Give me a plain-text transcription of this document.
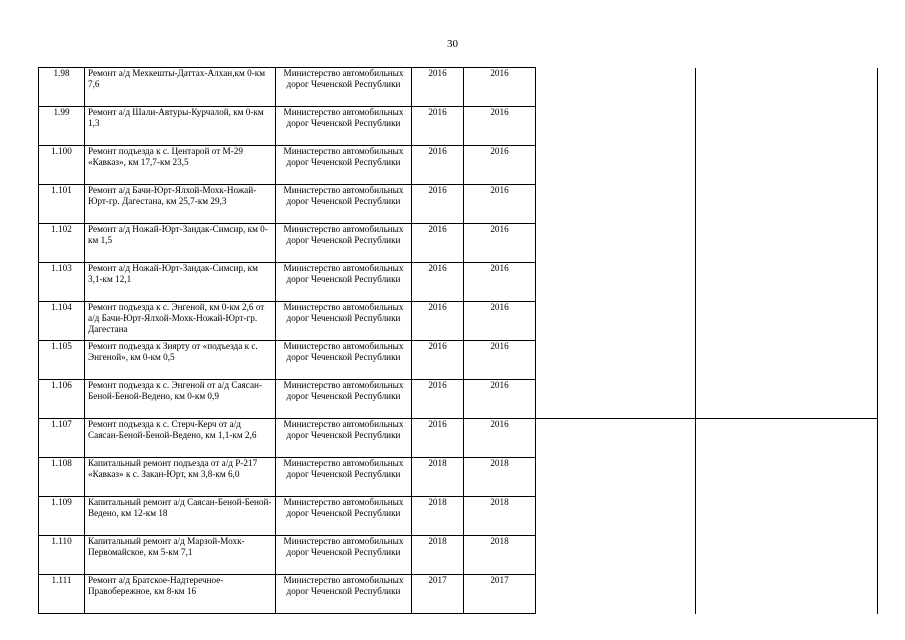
30
1.98	Ремонт а/д Мехкешты-Даттах-Алхан,км 0-км 7,6	Министерство автомобильных дорог Чеченской Республики	2016	2016		
1.99	Ремонт а/д Шали-Автуры-Курчалой, км 0-км 1,3	Министерство автомобильных дорог Чеченской Республики	2016	2016		
1.100	Ремонт подъезда к с. Центарой от М-29 «Кавказ», км 17,7-км 23,5	Министерство автомобильных дорог Чеченской Республики	2016	2016		
1.101	Ремонт а/д Бачи-Юрт-Ялхой-Мохк-Ножай-Юрт-гр. Дагестана, км 25,7-км 29,3	Министерство автомобильных дорог Чеченской Республики	2016	2016		
1.102	Ремонт а/д Ножай-Юрт-Зандак-Симсир, км 0-км 1,5	Министерство автомобильных дорог Чеченской Республики	2016	2016		
1.103	Ремонт а/д Ножай-Юрт-Зандак-Симсир, км 3,1-км 12,1	Министерство автомобильных дорог Чеченской Республики	2016	2016		
1.104	Ремонт подъезда к с. Энгеной, км 0-км 2,6 от а/д Бачи-Юрт-Ялхой-Мохк-Ножай-Юрт-гр. Дагестана	Министерство автомобильных дорог Чеченской Республики	2016	2016		
1.105	Ремонт подъезда к Зиярту от «подъезда к с. Энгеной», км 0-км 0,5	Министерство автомобильных дорог Чеченской Республики	2016	2016		
1.106	Ремонт подъезда к с. Энгеной от а/д Саясан-Беной-Беной-Ведено, км 0-км 0,9	Министерство автомобильных дорог Чеченской Республики	2016	2016		
1.107	Ремонт подъезда к с. Стерч-Керч от а/д Саясан-Беной-Беной-Ведено, км 1,1-км 2,6	Министерство автомобильных дорог Чеченской Республики	2016	2016		
1.108	Капитальный ремонт подъезда от а/д Р-217 «Кавказ» к с. Закан-Юрт, км 3,8-км 6,0	Министерство автомобильных дорог Чеченской Республики	2018	2018		
1.109	Капитальный ремонт а/д Саясан-Беной-Беной-Ведено, км 12-км 18	Министерство автомобильных дорог Чеченской Республики	2018	2018		
1.110	Капитальный ремонт а/д Марзой-Мохк-Первомайское, км 5-км 7,1	Министерство автомобильных дорог Чеченской Республики	2018	2018		
1.111	Ремонт а/д Братское-Надтеречное-Правобережное, км 8-км 16	Министерство автомобильных дорог Чеченской Республики	2017	2017		
